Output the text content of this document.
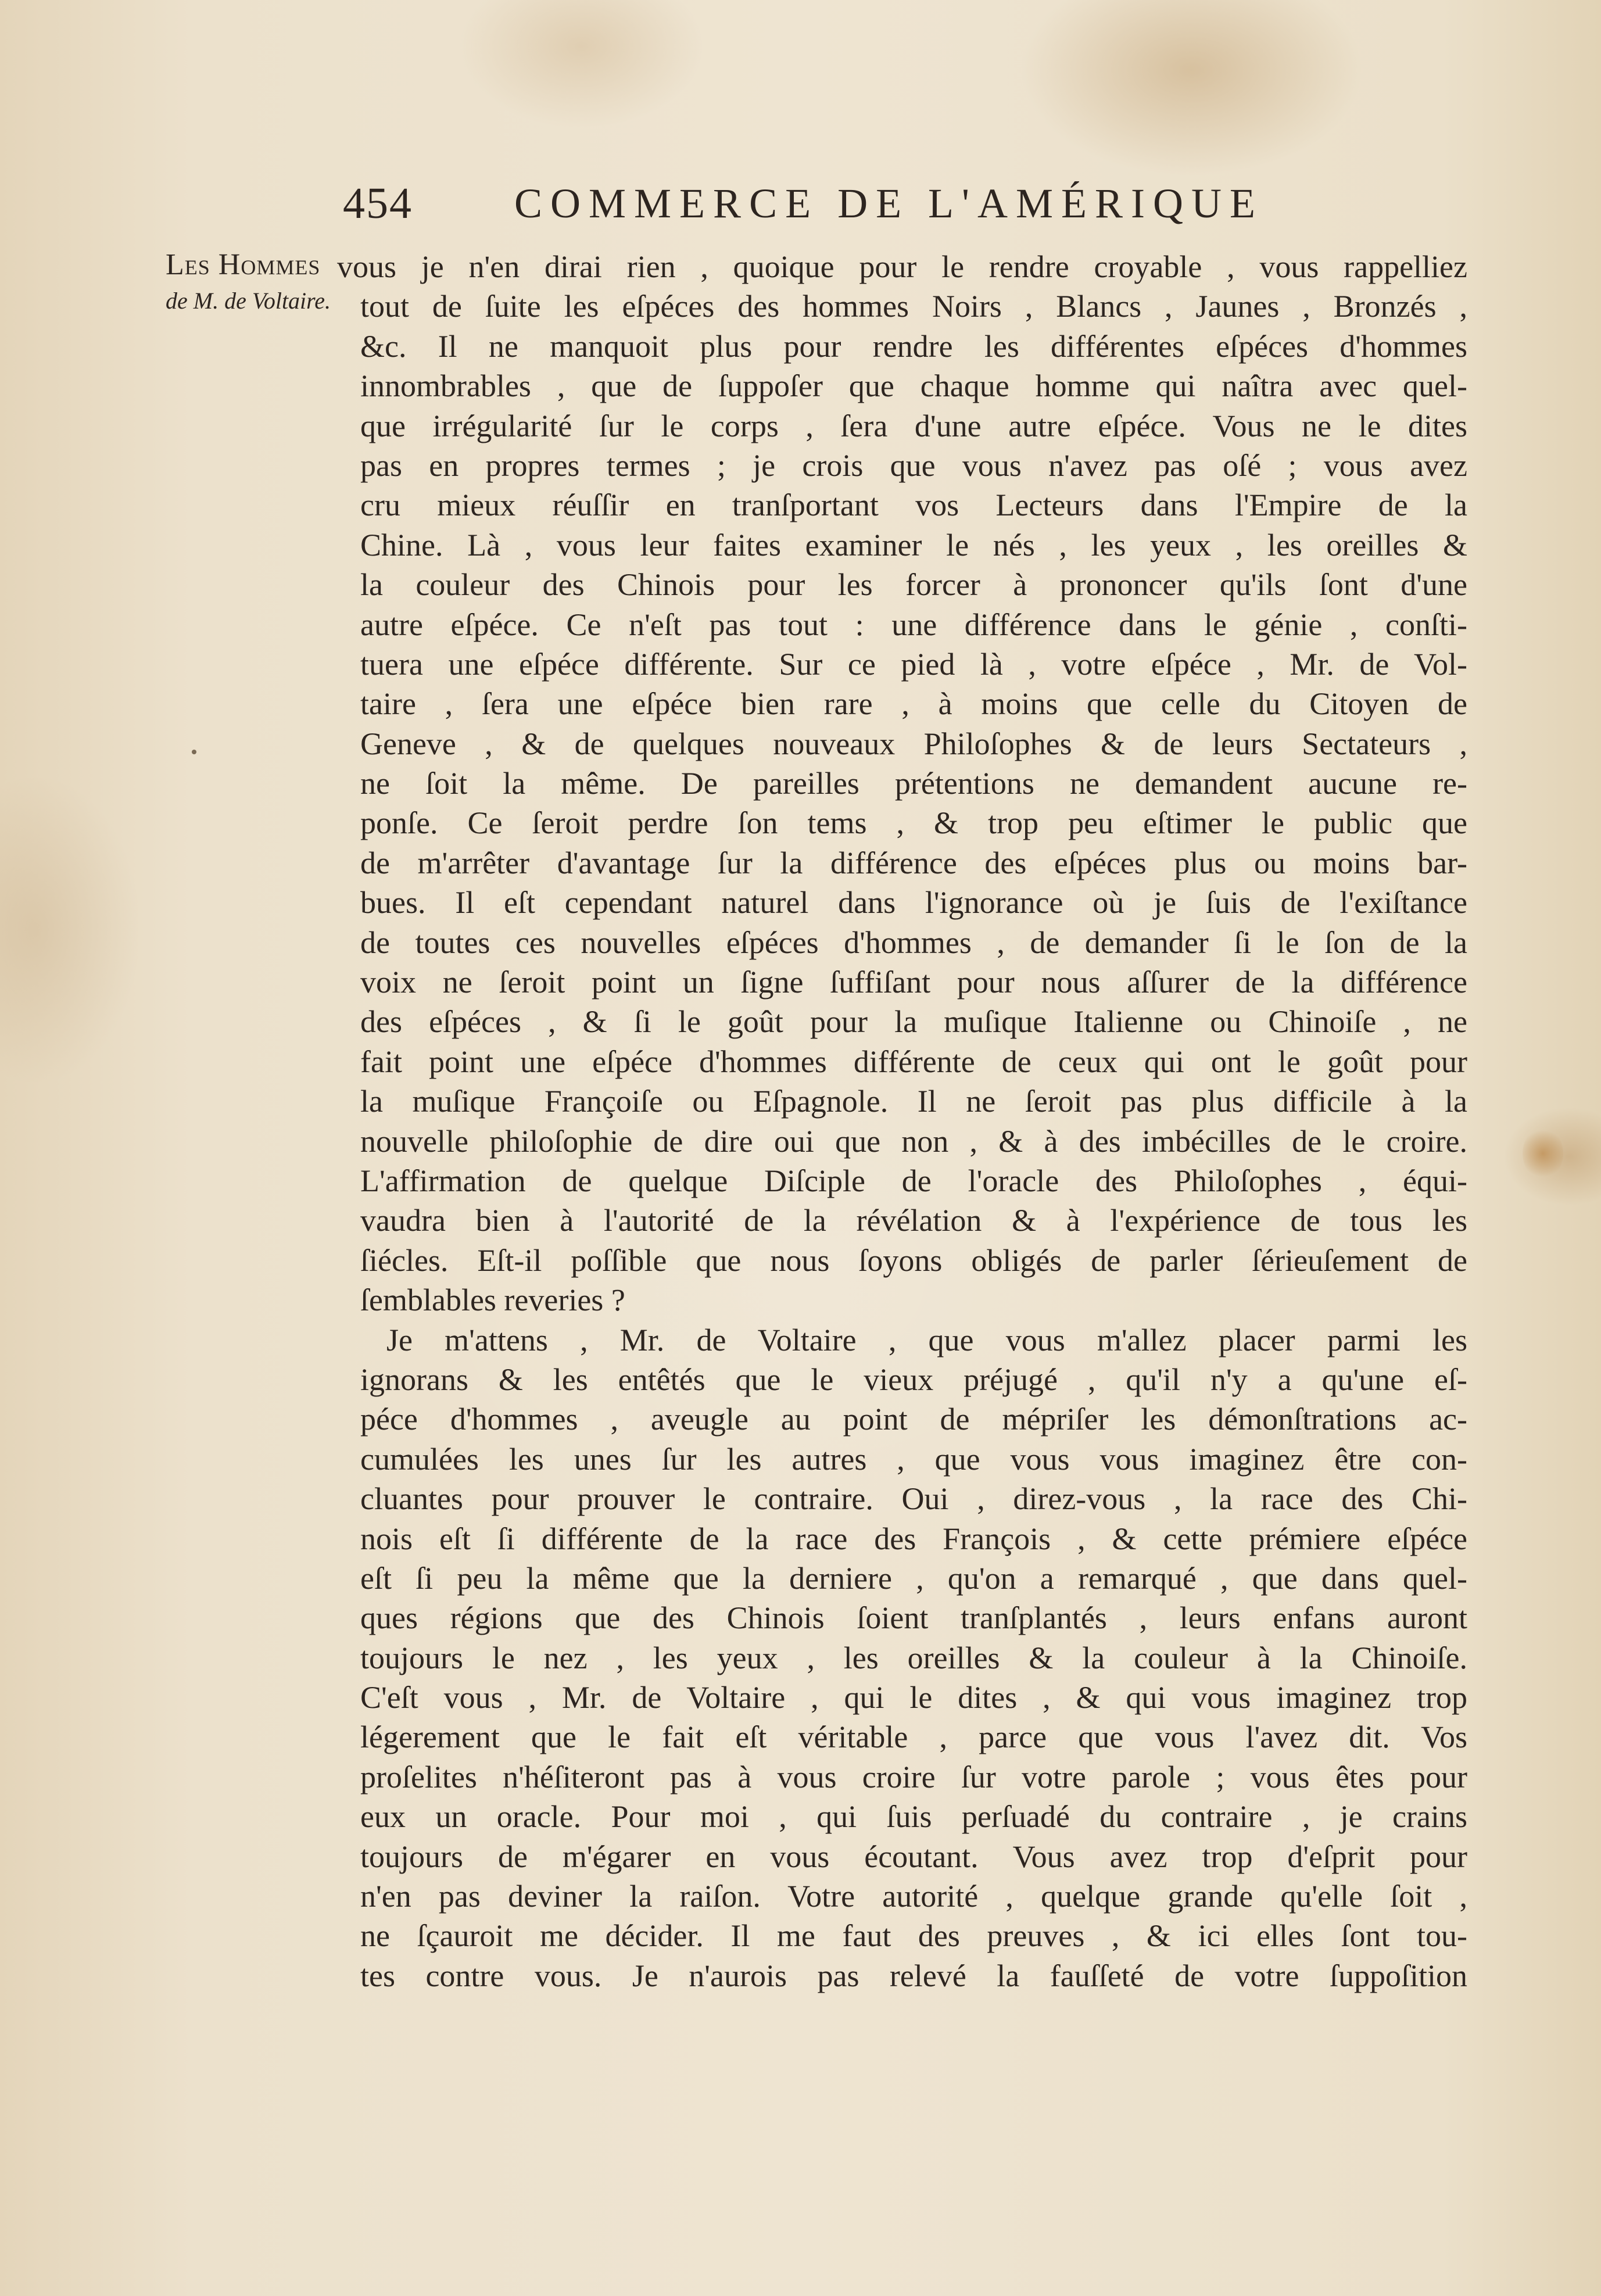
454 COMMERCE DE L'AMÉRIQUE
Les Hommes
de M. de Voltaire.
vous je n'en dirai rien , quoique pour le rendre croyable , vous rappelliez
tout de ſuite les eſpéces des hommes Noirs , Blancs , Jaunes , Bronzés ,
&c. Il ne manquoit plus pour rendre les différentes eſpéces d'hommes
innombrables , que de ſuppoſer que chaque homme qui naîtra avec quel-
que irrégularité ſur le corps , ſera d'une autre eſpéce. Vous ne le dites
pas en propres termes ; je crois que vous n'avez pas oſé ; vous avez
cru mieux réuſſir en tranſportant vos Lecteurs dans l'Empire de la
Chine. Là , vous leur faites examiner le nés , les yeux , les oreilles &
la couleur des Chinois pour les forcer à prononcer qu'ils ſont d'une
autre eſpéce. Ce n'eſt pas tout : une différence dans le génie , conſti-
tuera une eſpéce différente. Sur ce pied là , votre eſpéce , Mr. de Vol-
taire , ſera une eſpéce bien rare , à moins que celle du Citoyen de
Geneve , & de quelques nouveaux Philoſophes & de leurs Sectateurs ,
ne ſoit la même. De pareilles prétentions ne demandent aucune re-
ponſe. Ce ſeroit perdre ſon tems , & trop peu eſtimer le public que
de m'arrêter d'avantage ſur la différence des eſpéces plus ou moins bar-
bues. Il eſt cependant naturel dans l'ignorance où je ſuis de l'exiſtance
de toutes ces nouvelles eſpéces d'hommes , de demander ſi le ſon de la
voix ne ſeroit point un ſigne ſuffiſant pour nous aſſurer de la différence
des eſpéces , & ſi le goût pour la muſique Italienne ou Chinoiſe , ne
fait point une eſpéce d'hommes différente de ceux qui ont le goût pour
la muſique Françoiſe ou Eſpagnole. Il ne ſeroit pas plus difficile à la
nouvelle philoſophie de dire oui que non , & à des imbécilles de le croire.
L'affirmation de quelque Diſciple de l'oracle des Philoſophes , équi-
vaudra bien à l'autorité de la révélation & à l'expérience de tous les
ſiécles. Eſt-il poſſible que nous ſoyons obligés de parler ſérieuſement de
ſemblables reveries ?
Je m'attens , Mr. de Voltaire , que vous m'allez placer parmi les
ignorans & les entêtés que le vieux préjugé , qu'il n'y a qu'une eſ-
péce d'hommes , aveugle au point de mépriſer les démonſtrations ac-
cumulées les unes ſur les autres , que vous vous imaginez être con-
cluantes pour prouver le contraire. Oui , direz-vous , la race des Chi-
nois eſt ſi différente de la race des François , & cette prémiere eſpéce
eſt ſi peu la même que la derniere , qu'on a remarqué , que dans quel-
ques régions que des Chinois ſoient tranſplantés , leurs enfans auront
toujours le nez , les yeux , les oreilles & la couleur à la Chinoiſe.
C'eſt vous , Mr. de Voltaire , qui le dites , & qui vous imaginez trop
légerement que le fait eſt véritable , parce que vous l'avez dit. Vos
proſelites n'héſiteront pas à vous croire ſur votre parole ; vous êtes pour
eux un oracle. Pour moi , qui ſuis perſuadé du contraire , je crains
toujours de m'égarer en vous écoutant. Vous avez trop d'eſprit pour
n'en pas deviner la raiſon. Votre autorité , quelque grande qu'elle ſoit ,
ne ſçauroit me décider. Il me faut des preuves , & ici elles ſont tou-
tes contre vous. Je n'aurois pas relevé la fauſſeté de votre ſuppoſition
